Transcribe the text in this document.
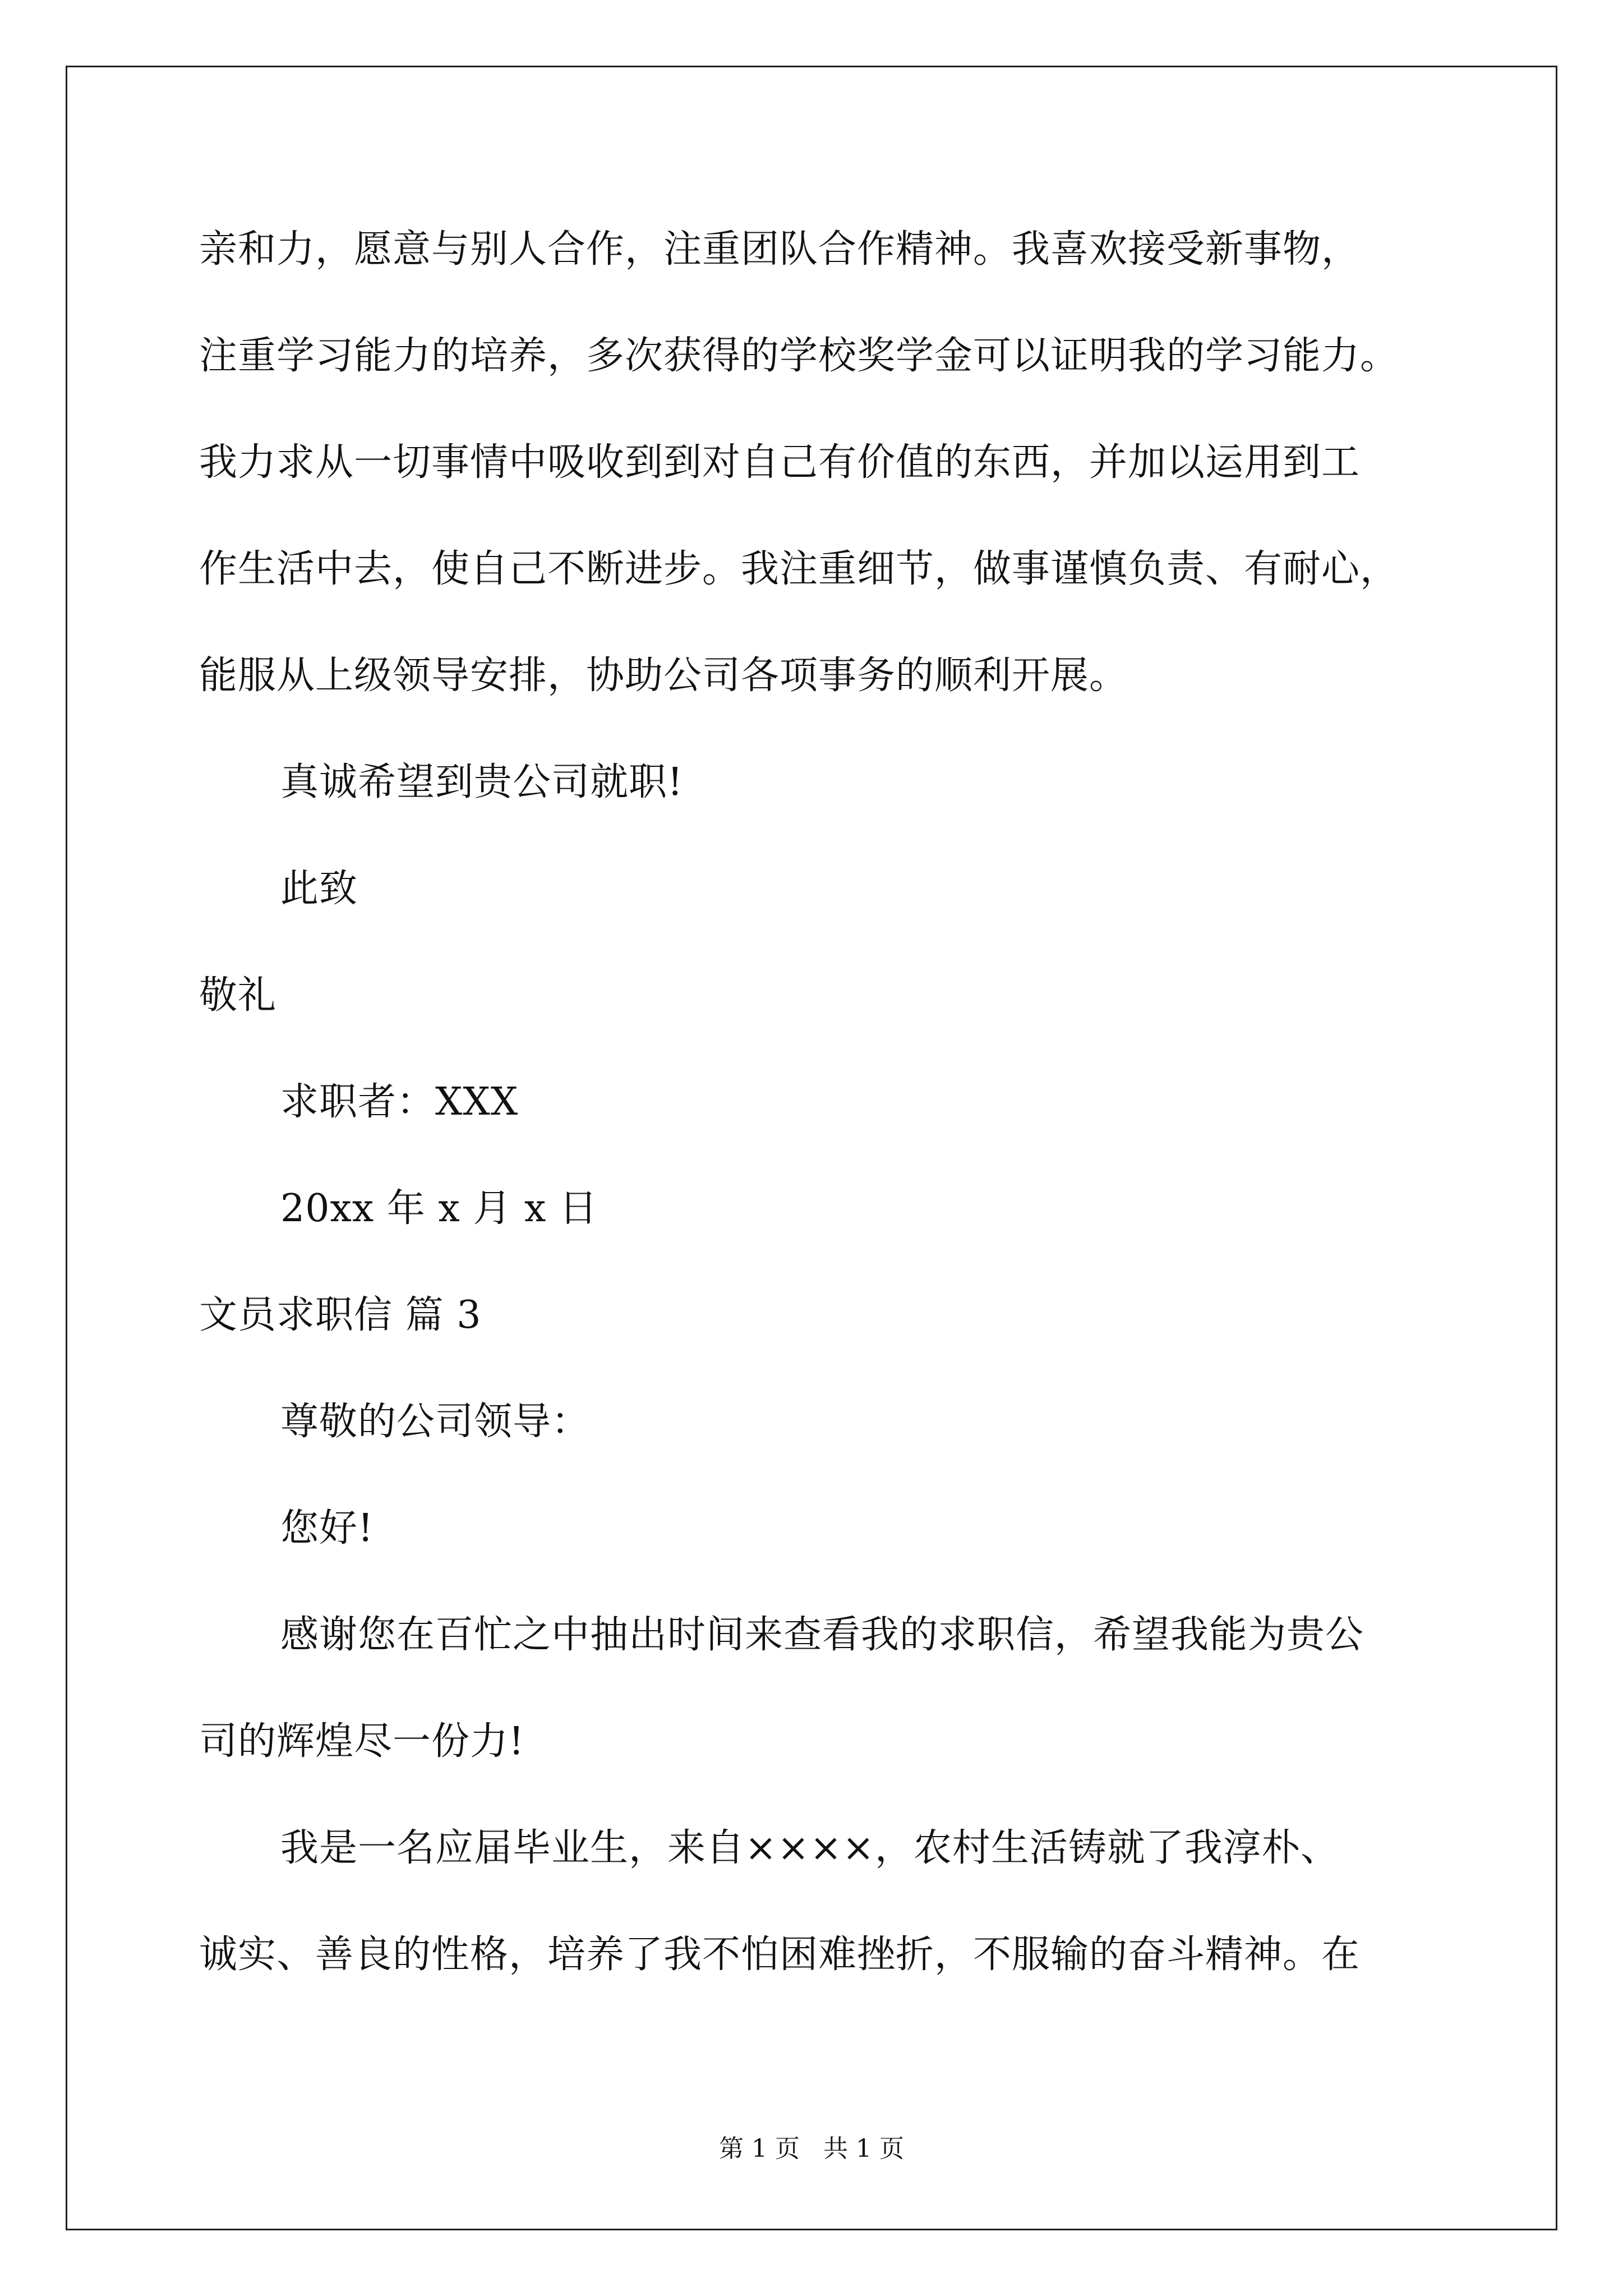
亲和力，愿意与别人合作，注重团队合作精神。我喜欢接受新事物，
注重学习能力的培养，多次获得的学校奖学金可以证明我的学习能力。
我力求从一切事情中吸收到到对自己有价值的东西，并加以运用到工
作生活中去，使自己不断进步。我注重细节，做事谨慎负责、有耐心，
能服从上级领导安排，协助公司各项事务的顺利开展。
真诚希望到贵公司就职!
此致
敬礼
求职者：XXX
20xx 年 x 月 x 日
文员求职信 篇 3
尊敬的公司领导：
您好!
感谢您在百忙之中抽出时间来查看我的求职信，希望我能为贵公
司的辉煌尽一份力!
我是一名应届毕业生，来自××××，农村生活铸就了我淳朴、
诚实、善良的性格，培养了我不怕困难挫折，不服输的奋斗精神。在
第 1 页   共 1 页
